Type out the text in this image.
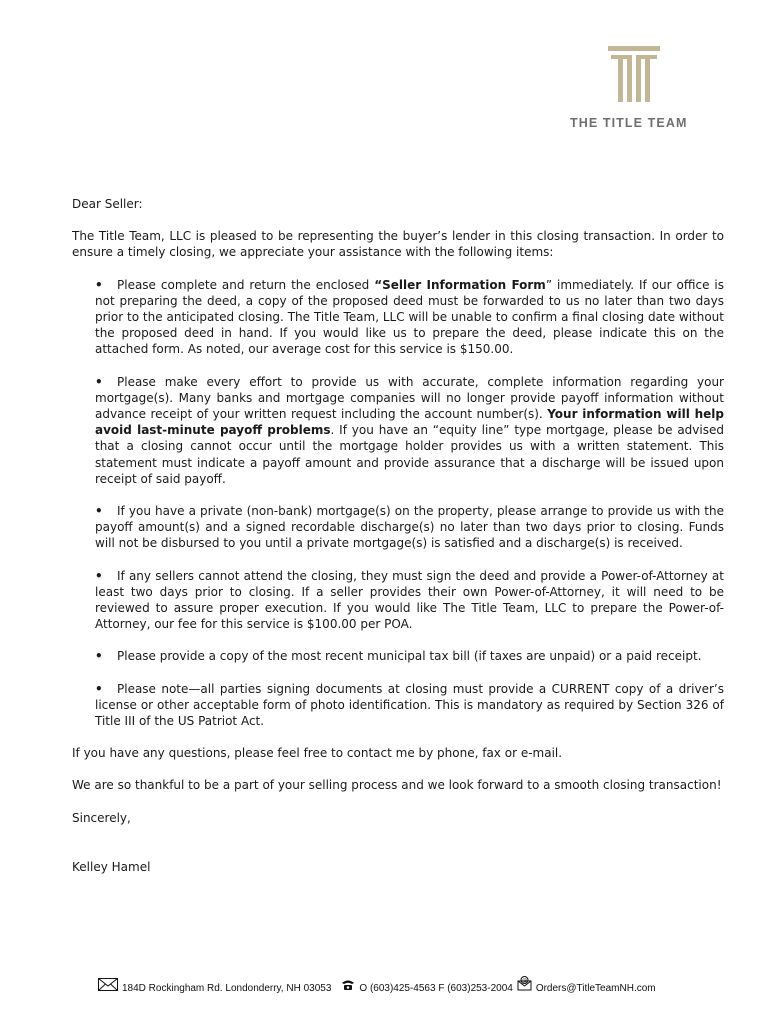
THE TITLE TEAM

Dear Seller:

The Title Team, LLC is pleased to be representing the buyer’s lender in this closing transaction. In order to ensure a timely closing, we appreciate your assistance with the following items:

• Please complete and return the enclosed “Seller Information Form” immediately. If our office is not preparing the deed, a copy of the proposed deed must be forwarded to us no later than two days prior to the anticipated closing. The Title Team, LLC will be unable to confirm a final closing date without the proposed deed in hand. If you would like us to prepare the deed, please indicate this on the attached form. As noted, our average cost for this service is $150.00.
• Please make every effort to provide us with accurate, complete information regarding your mortgage(s). Many banks and mortgage companies will no longer provide payoff information without advance receipt of your written request including the account number(s). Your information will help avoid last-minute payoff problems. If you have an “equity line” type mortgage, please be advised that a closing cannot occur until the mortgage holder provides us with a written statement. This statement must indicate a payoff amount and provide assurance that a discharge will be issued upon receipt of said payoff.
• If you have a private (non-bank) mortgage(s) on the property, please arrange to provide us with the payoff amount(s) and a signed recordable discharge(s) no later than two days prior to closing. Funds will not be disbursed to you until a private mortgage(s) is satisfied and a discharge(s) is received.
• If any sellers cannot attend the closing, they must sign the deed and provide a Power-of-Attorney at least two days prior to closing. If a seller provides their own Power-of-Attorney, it will need to be reviewed to assure proper execution. If you would like The Title Team, LLC to prepare the Power-of-Attorney, our fee for this service is $100.00 per POA.
• Please provide a copy of the most recent municipal tax bill (if taxes are unpaid) or a paid receipt.
• Please note—all parties signing documents at closing must provide a CURRENT copy of a driver’s license or other acceptable form of photo identification. This is mandatory as required by Section 326 of Title III of the US Patriot Act.

If you have any questions, please feel free to contact me by phone, fax or e-mail.

We are so thankful to be a part of your selling process and we look forward to a smooth closing transaction!

Sincerely,

Kelley Hamel

184D Rockingham Rd. Londonderry, NH 03053	O (603)425-4563 F (603)253-2004
@
Orders@TitleTeamNH.com
